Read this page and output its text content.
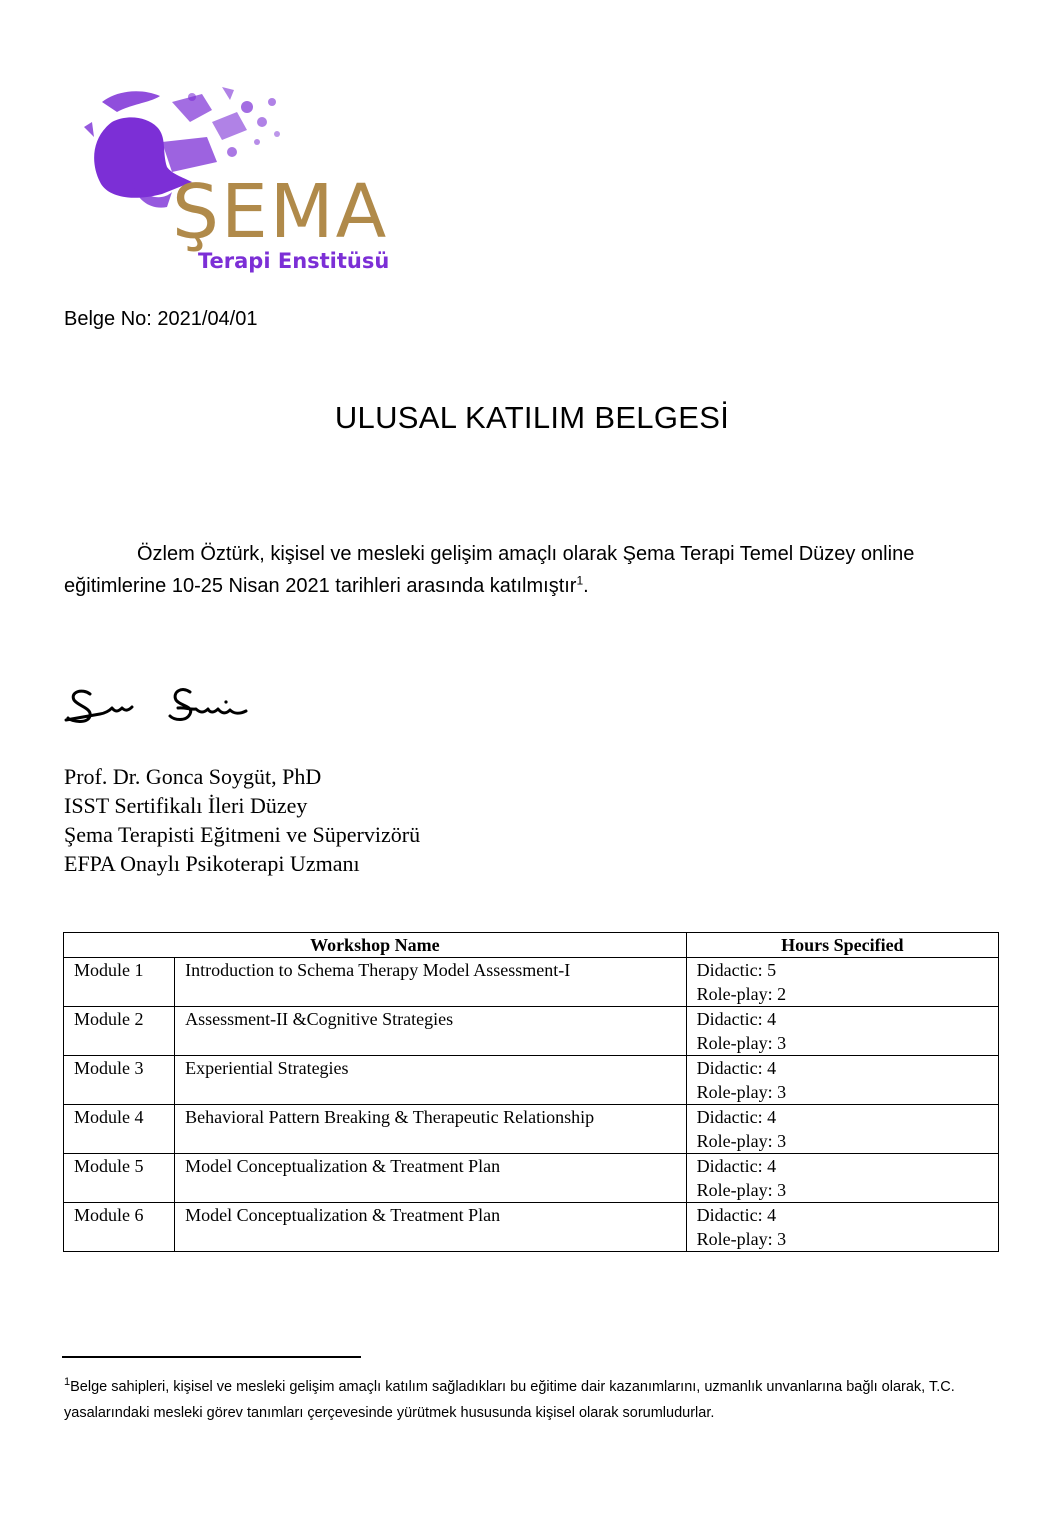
ŞEMA
Terapi Enstitüsü
Belge No: 2021/04/01
ULUSAL KATILIM BELGESİ
Özlem Öztürk, kişisel ve mesleki gelişim amaçlı olarak Şema Terapi Temel Düzey online eğitimlerine 10-25 Nisan 2021 tarihleri arasında katılmıştır$^1$.
Prof. Dr. Gonca Soygüt, PhD
ISST Sertifikalı İleri Düzey
Şema Terapisti Eğitmeni ve Süpervizörü
EFPA Onaylı Psikoterapi Uzmanı
Workshop Name		Hours Specified
Module 1	Introduction to Schema Therapy Model Assessment-I	Didactic: 5
Role-play: 2

Module 2	Assessment-II &Cognitive Strategies	Didactic: 4
Role-play: 3

Module 3	Experiential Strategies	Didactic: 4
Role-play: 3

Module 4	Behavioral Pattern Breaking & Therapeutic Relationship	Didactic: 4
Role-play: 3

Module 5	Model Conceptualization & Treatment Plan	Didactic: 4
Role-play: 3

Module 6	Model Conceptualization & Treatment Plan	Didactic: 4
Role-play: 3
$^1$Belge sahipleri, kişisel ve mesleki gelişim amaçlı katılım sağladıkları bu eğitime dair kazanımlarını, uzmanlık unvanlarına bağlı olarak, T.C. yasalarındaki mesleki görev tanımları çerçevesinde yürütmek hususunda kişisel olarak sorumludurlar.
